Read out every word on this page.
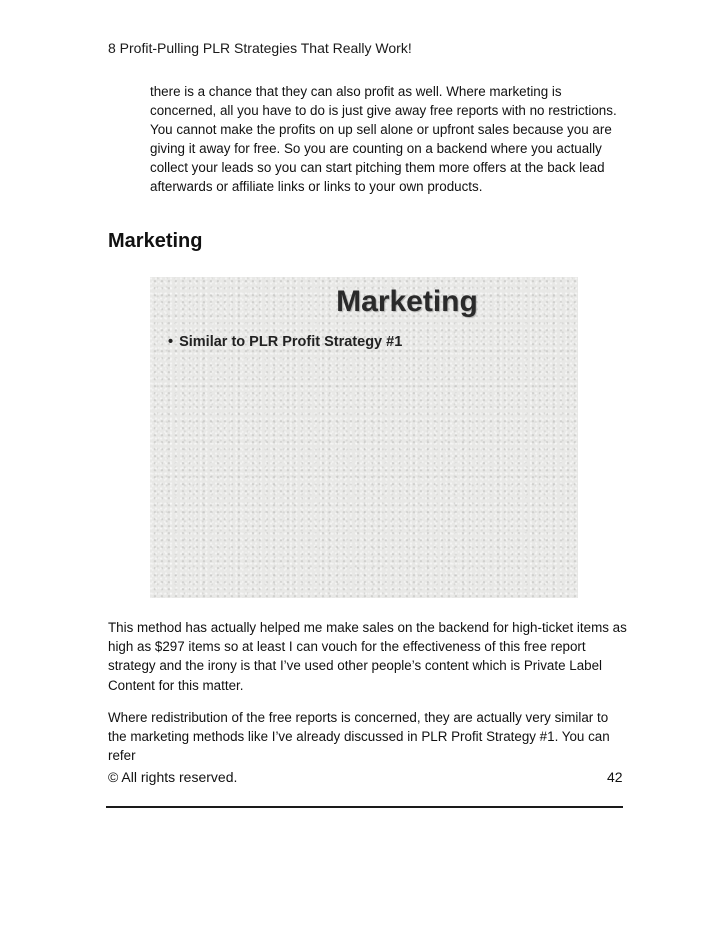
8 Profit-Pulling PLR Strategies That Really Work!

there is a chance that they can also profit as well. Where marketing is concerned, all you have to do is just give away free reports with no restrictions. You cannot make the profits on up sell alone or upfront sales because you are giving it away for free. So you are counting on a backend where you actually collect your leads so you can start pitching them more offers at the back lead afterwards or affiliate links or links to your own products.

Marketing
Marketing
• Similar to PLR Profit Strategy #1

This method has actually helped me make sales on the backend for high-ticket items as high as $297 items so at least I can vouch for the effectiveness of this free report strategy and the irony is that I’ve used other people’s content which is Private Label Content for this matter.

Where redistribution of the free reports is concerned, they are actually very similar to the marketing methods like I’ve already discussed in PLR Profit Strategy #1. You can refer

© All rights reserved.	42
